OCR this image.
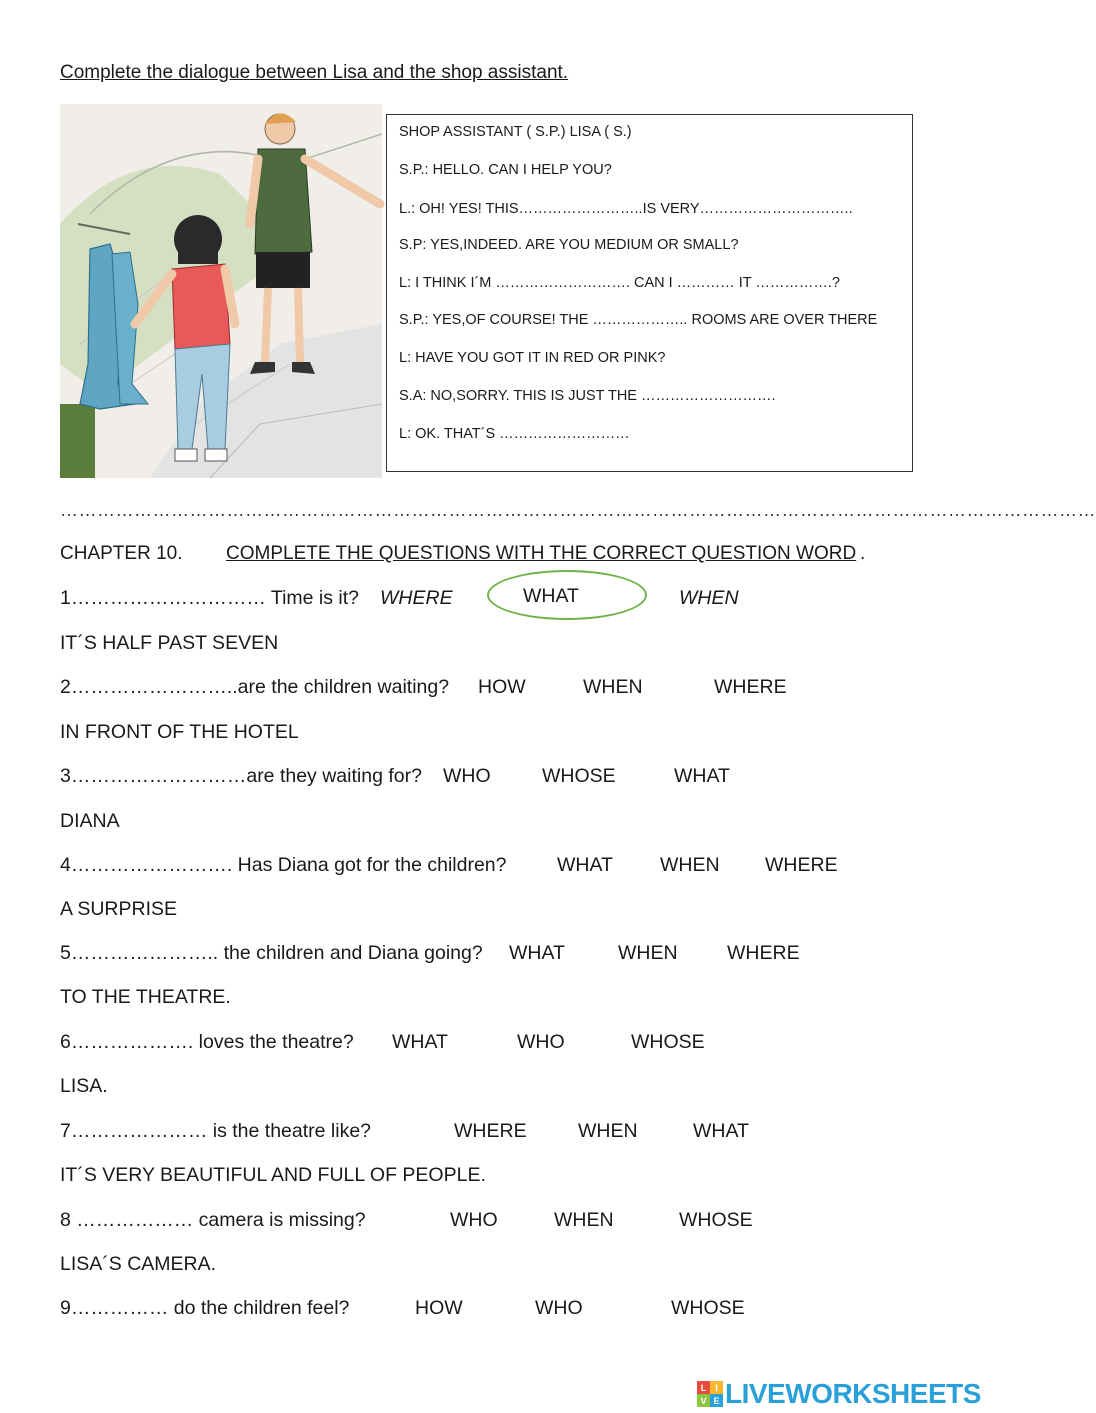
Complete the dialogue between Lisa and the shop assistant.
SHOP ASSISTANT ( S.P.) LISA ( S.)
S.P.: HELLO. CAN I HELP YOU?
L.: OH! YES! THIS……………………..IS VERY…………………………..
S.P: YES,INDEED. ARE YOU MEDIUM OR SMALL?
L: I THINK I´M ………………………. CAN I ………… IT …………….?
S.P.: YES,OF COURSE! THE ……………….. ROOMS ARE OVER THERE
L: HAVE YOU GOT IT IN RED OR PINK?
S.A: NO,SORRY. THIS IS JUST THE ……………………….
L: OK. THAT´S ………………………
……………………………………………………………………………………………………………………………………………………
CHAPTER 10. COMPLETE THE QUESTIONS WITH THE CORRECT QUESTION WORD .
1………………………… Time is it? WHERE	WHAT	WHEN
IT´S HALF PAST SEVEN
2……………………..are the children waiting? HOW	WHEN	WHERE
IN FRONT OF THE HOTEL
3………………………are they waiting for? WHO	WHOSE	WHAT
DIANA
4……………………. Has Diana got for the children?	WHAT WHEN WHERE
A SURPRISE
5………………….. the children and Diana going? WHAT	WHEN	WHERE
TO THE THEATRE.
6………………. loves the theatre? WHAT	WHO	WHOSE
LISA.
7………………… is the theatre like?	WHERE	WHEN	WHAT
IT´S VERY BEAUTIFUL AND FULL OF PEOPLE.
8 ……………… camera is missing?	WHO	WHEN	WHOSE
LISA´S CAMERA.
9…………… do the children feel?	HOW	WHO	WHOSE
L I
V E LIVEWORKSHEETS
